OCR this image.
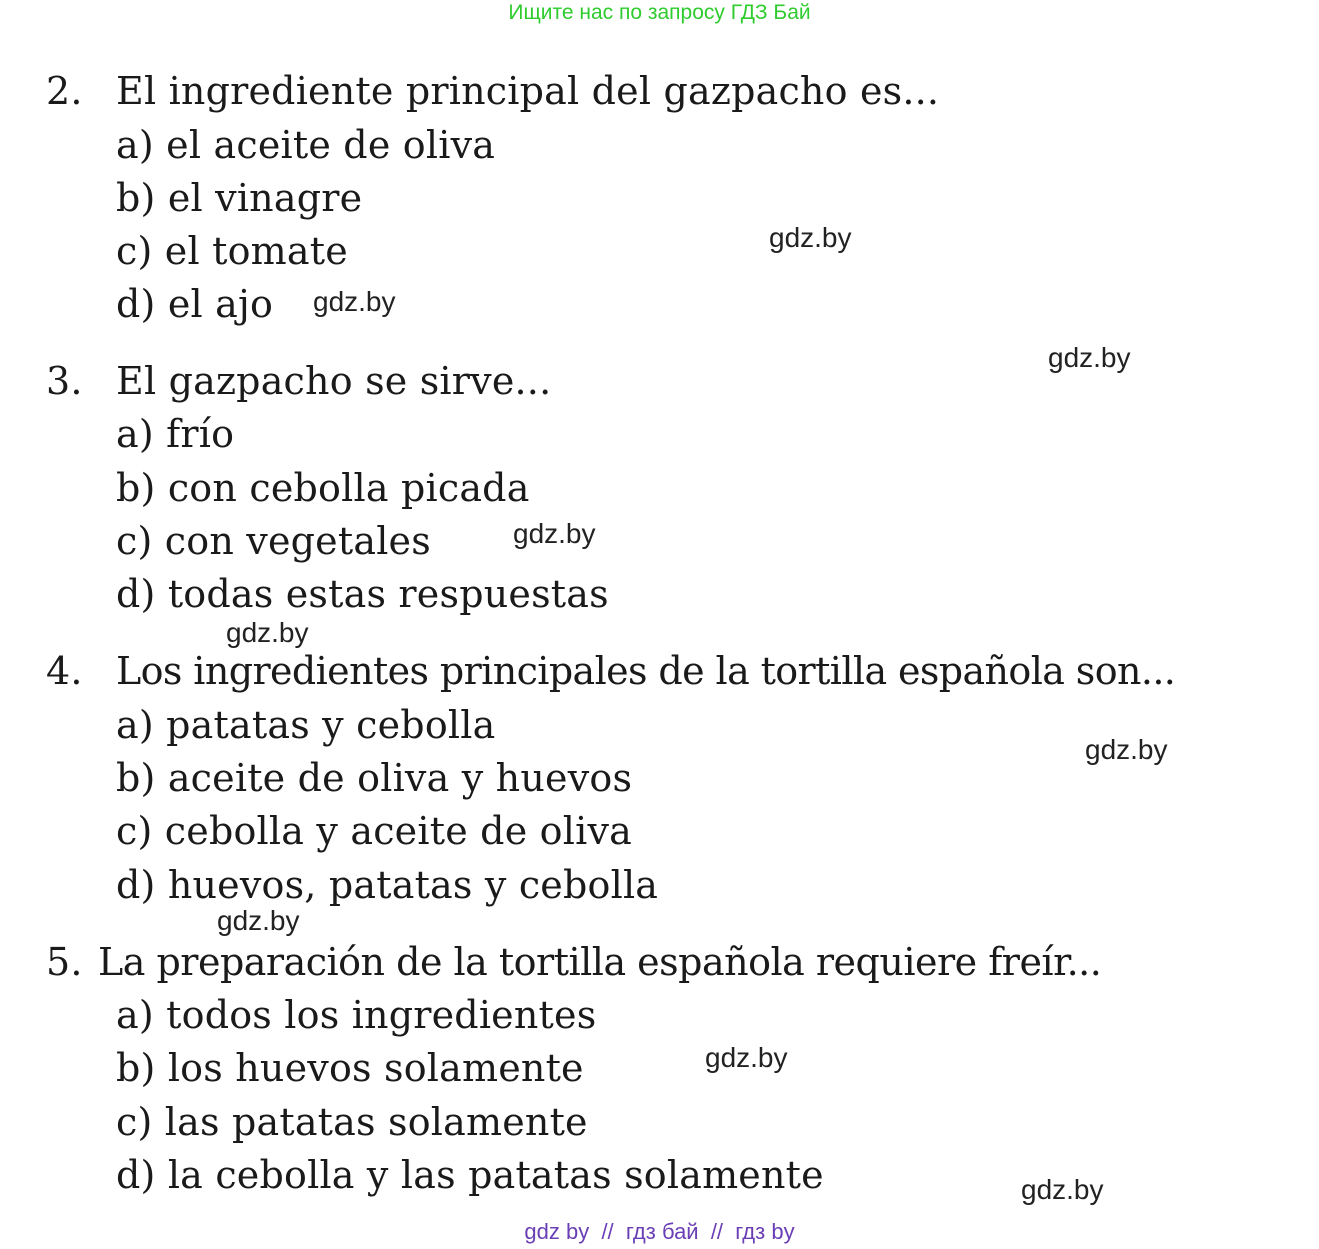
Ищите нас по запросу ГДЗ Бай
2. El ingrediente principal del gazpacho es...
a) el aceite de oliva
b) el vinagre
c) el tomate
d) el ajo
3. El gazpacho se sirve...
a) frío
b) con cebolla picada
c) con vegetales
d) todas estas respuestas
4. Los ingredientes principales de la tortilla española son...
a) patatas y cebolla
b) aceite de oliva y huevos
c) cebolla y aceite de oliva
d) huevos, patatas y cebolla
5. La preparación de la tortilla española requiere freír...
a) todos los ingredientes
b) los huevos solamente
c) las patatas solamente
d) la cebolla y las patatas solamente
gdz.by
gdz.by
gdz.by
gdz.by
gdz.by
gdz.by
gdz.by
gdz.by
gdz.by
gdz by  //  гдз бай  //  гдз by
